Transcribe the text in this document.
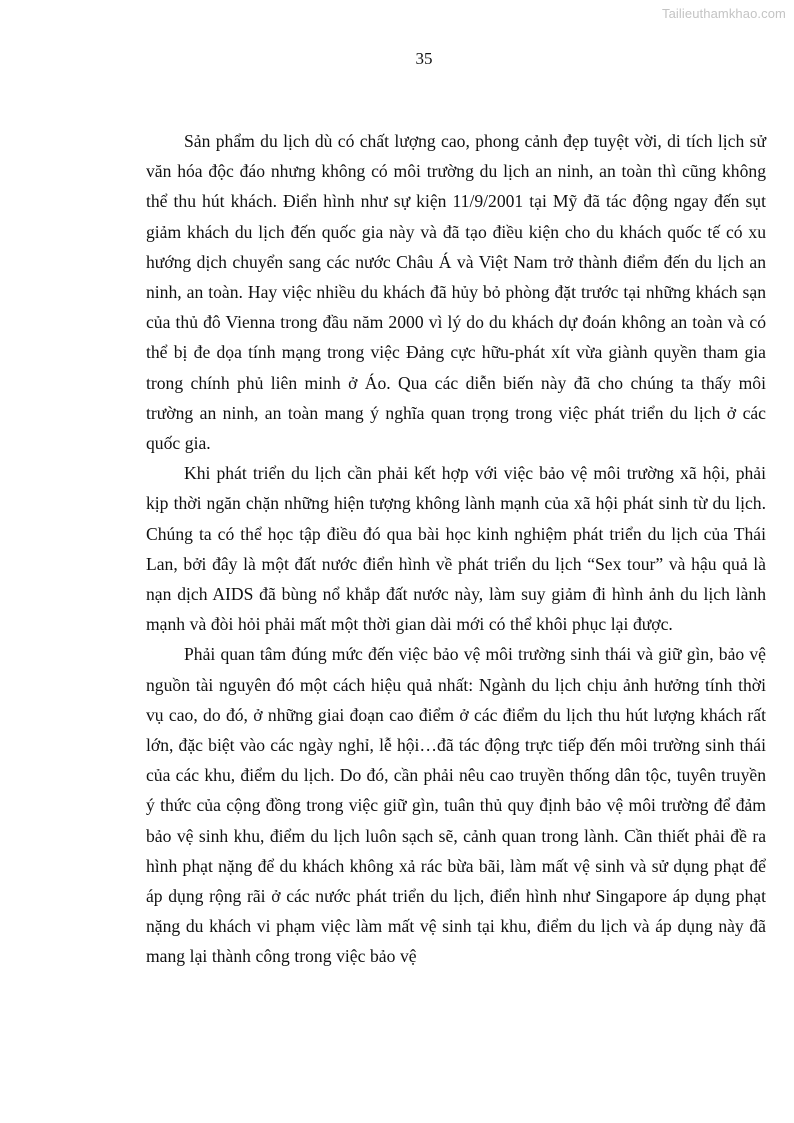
Tailieuthamkhao.com
35

Sản phẩm du lịch dù có chất lượng cao, phong cảnh đẹp tuyệt vời, di tích lịch sử văn hóa độc đáo nhưng không có môi trường du lịch an ninh, an toàn thì cũng không thể thu hút khách. Điển hình như sự kiện 11/9/2001 tại Mỹ đã tác động ngay đến sụt giảm khách du lịch đến quốc gia này và đã tạo điều kiện cho du khách quốc tế có xu hướng dịch chuyển sang các nước Châu Á và Việt Nam trở thành điểm đến du lịch an ninh, an toàn. Hay việc nhiều du khách đã hủy bỏ phòng đặt trước tại những khách sạn của thủ đô Vienna trong đầu năm 2000 vì lý do du khách dự đoán không an toàn và có thể bị đe dọa tính mạng trong việc Đảng cực hữu-phát xít vừa giành quyền tham gia trong chính phủ liên minh ở Áo. Qua các diễn biến này đã cho chúng ta thấy môi trường an ninh, an toàn mang ý nghĩa quan trọng trong việc phát triển du lịch ở các quốc gia.

Khi phát triển du lịch cần phải kết hợp với việc bảo vệ môi trường xã hội, phải kịp thời ngăn chặn những hiện tượng không lành mạnh của xã hội phát sinh từ du lịch. Chúng ta có thể học tập điều đó qua bài học kinh nghiệm phát triển du lịch của Thái Lan, bởi đây là một đất nước điển hình về phát triển du lịch “Sex tour” và hậu quả là nạn dịch AIDS đã bùng nổ khắp đất nước này, làm suy giảm đi hình ảnh du lịch lành mạnh và đòi hỏi phải mất một thời gian dài mới có thể khôi phục lại được.

Phải quan tâm đúng mức đến việc bảo vệ môi trường sinh thái và giữ gìn, bảo vệ nguồn tài nguyên đó một cách hiệu quả nhất: Ngành du lịch chịu ảnh hưởng tính thời vụ cao, do đó, ở những giai đoạn cao điểm ở các điểm du lịch thu hút lượng khách rất lớn, đặc biệt vào các ngày nghỉ, lễ hội…đã tác động trực tiếp đến môi trường sinh thái của các khu, điểm du lịch. Do đó, cần phải nêu cao truyền thống dân tộc, tuyên truyền ý thức của cộng đồng trong việc giữ gìn, tuân thủ quy định bảo vệ môi trường để đảm bảo vệ sinh khu, điểm du lịch luôn sạch sẽ, cảnh quan trong lành. Cần thiết phải đề ra hình phạt nặng để du khách không xả rác bừa bãi, làm mất vệ sinh và sử dụng phạt để áp dụng rộng rãi ở các nước phát triển du lịch, điển hình như Singapore áp dụng phạt nặng du khách vi phạm việc làm mất vệ sinh tại khu, điểm du lịch và áp dụng này đã mang lại thành công trong việc bảo vệ
